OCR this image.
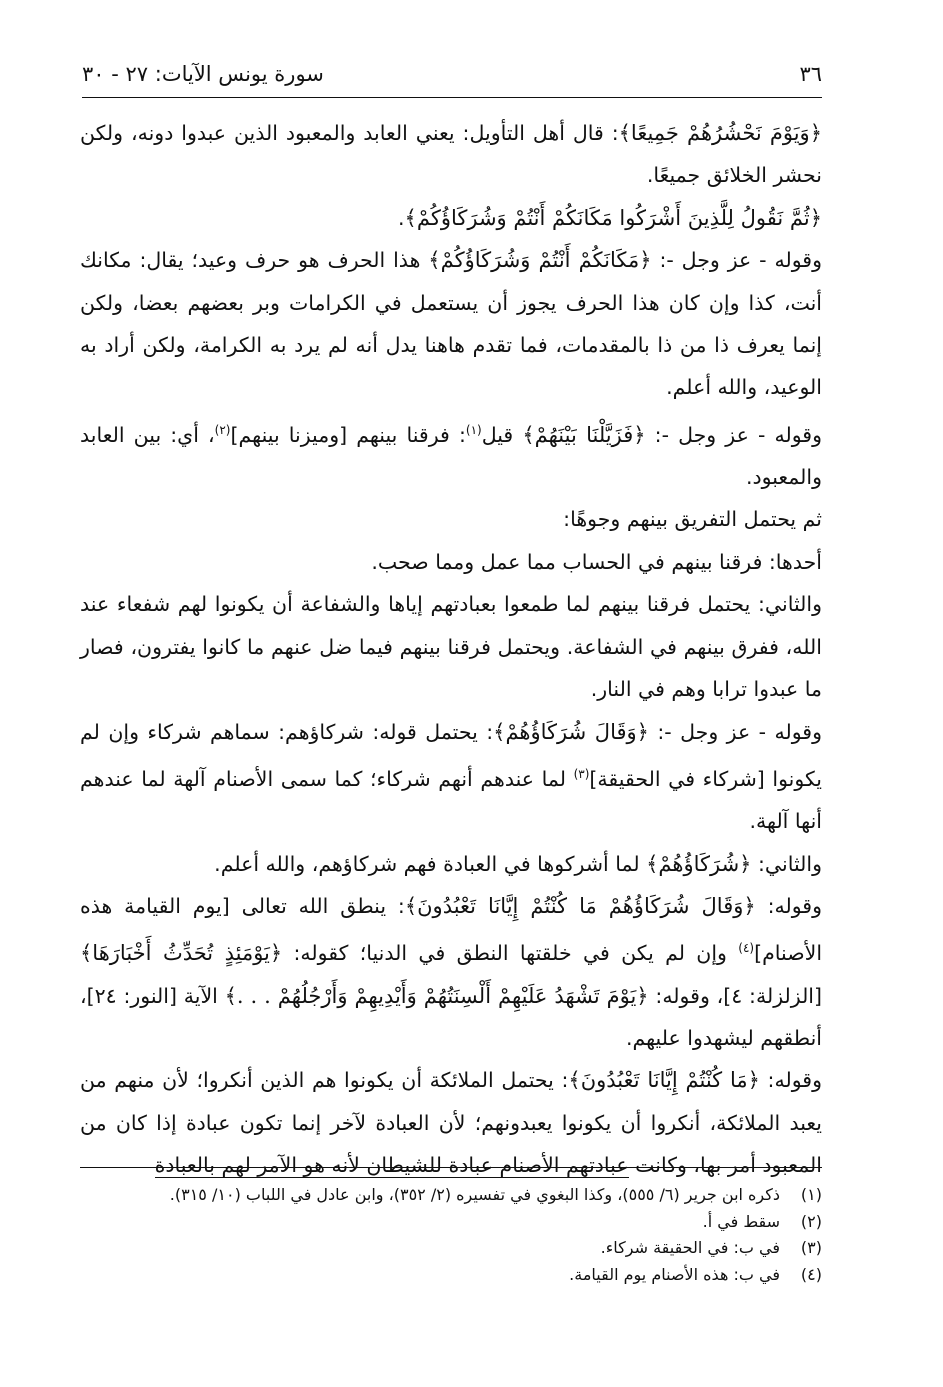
٣٦
سورة يونس الآيات: ٢٧ - ٣٠

﴿وَيَوْمَ نَحْشُرُهُمْ جَمِيعًا﴾: قال أهل التأويل: يعني العابد والمعبود الذين عبدوا دونه، ولكن نحشر الخلائق جميعًا.

﴿ثُمَّ نَقُولُ لِلَّذِينَ أَشْرَكُوا مَكَانَكُمْ أَنْتُمْ وَشُرَكَاؤُكُمْ﴾.

وقوله - عز وجل -: ﴿مَكَانَكُمْ أَنْتُمْ وَشُرَكَاؤُكُمْ﴾ هذا الحرف هو حرف وعيد؛ يقال: مكانك أنت، كذا وإن كان هذا الحرف يجوز أن يستعمل في الكرامات وبر بعضهم بعضا، ولكن إنما يعرف ذا من ذا بالمقدمات، فما تقدم هاهنا يدل أنه لم يرد به الكرامة، ولكن أراد به الوعيد، والله أعلم.

وقوله - عز وجل -: ﴿فَزَيَّلْنَا بَيْنَهُمْ﴾ قيل$^{(١)}$: فرقنا بينهم [وميزنا بينهم]$^{(٢)}$، أي: بين العابد والمعبود.

ثم يحتمل التفريق بينهم وجوهًا:

أحدها: فرقنا بينهم في الحساب مما عمل ومما صحب.

والثاني: يحتمل فرقنا بينهم لما طمعوا بعبادتهم إياها والشفاعة أن يكونوا لهم شفعاء عند الله، ففرق بينهم في الشفاعة. ويحتمل فرقنا بينهم فيما ضل عنهم ما كانوا يفترون، فصار ما عبدوا ترابا وهم في النار.

وقوله - عز وجل -: ﴿وَقَالَ شُرَكَاؤُهُمْ﴾: يحتمل قوله: شركاؤهم: سماهم شركاء وإن لم يكونوا [شركاء في الحقيقة]$^{(٣)}$ لما عندهم أنهم شركاء؛ كما سمى الأصنام آلهة لما عندهم أنها آلهة.

والثاني: ﴿شُرَكَاؤُهُمْ﴾ لما أشركوها في العبادة فهم شركاؤهم، والله أعلم.

وقوله: ﴿وَقَالَ شُرَكَاؤُهُمْ مَا كُنْتُمْ إِيَّانَا تَعْبُدُونَ﴾: ينطق الله تعالى [يوم القيامة هذه الأصنام]$^{(٤)}$ وإن لم يكن في خلقتها النطق في الدنيا؛ كقوله: ﴿يَوْمَئِذٍ تُحَدِّثُ أَخْبَارَهَا﴾ [الزلزلة: ٤]، وقوله: ﴿يَوْمَ تَشْهَدُ عَلَيْهِمْ أَلْسِنَتُهُمْ وَأَيْدِيهِمْ وَأَرْجُلُهُمْ . . .﴾ الآية [النور: ٢٤]، أنطقهم ليشهدوا عليهم.

وقوله: ﴿مَا كُنْتُمْ إِيَّانَا تَعْبُدُونَ﴾: يحتمل الملائكة أن يكونوا هم الذين أنكروا؛ لأن منهم من يعبد الملائكة، أنكروا أن يكونوا يعبدونهم؛ لأن العبادة لآخر إنما تكون عبادة إذا كان من المعبود أمر بها، وكانت عبادتهم الأصنام عبادة للشيطان لأنه هو الآمر لهم بالعبادة

(١)
ذكره ابن جرير (٦/ ٥٥٥)، وكذا البغوي في تفسيره (٢/ ٣٥٢)، وابن عادل في اللباب (١٠/ ٣١٥).
(٢)
سقط في أ.
(٣)
في ب: في الحقيقة شركاء.
(٤)
في ب: هذه الأصنام يوم القيامة.
